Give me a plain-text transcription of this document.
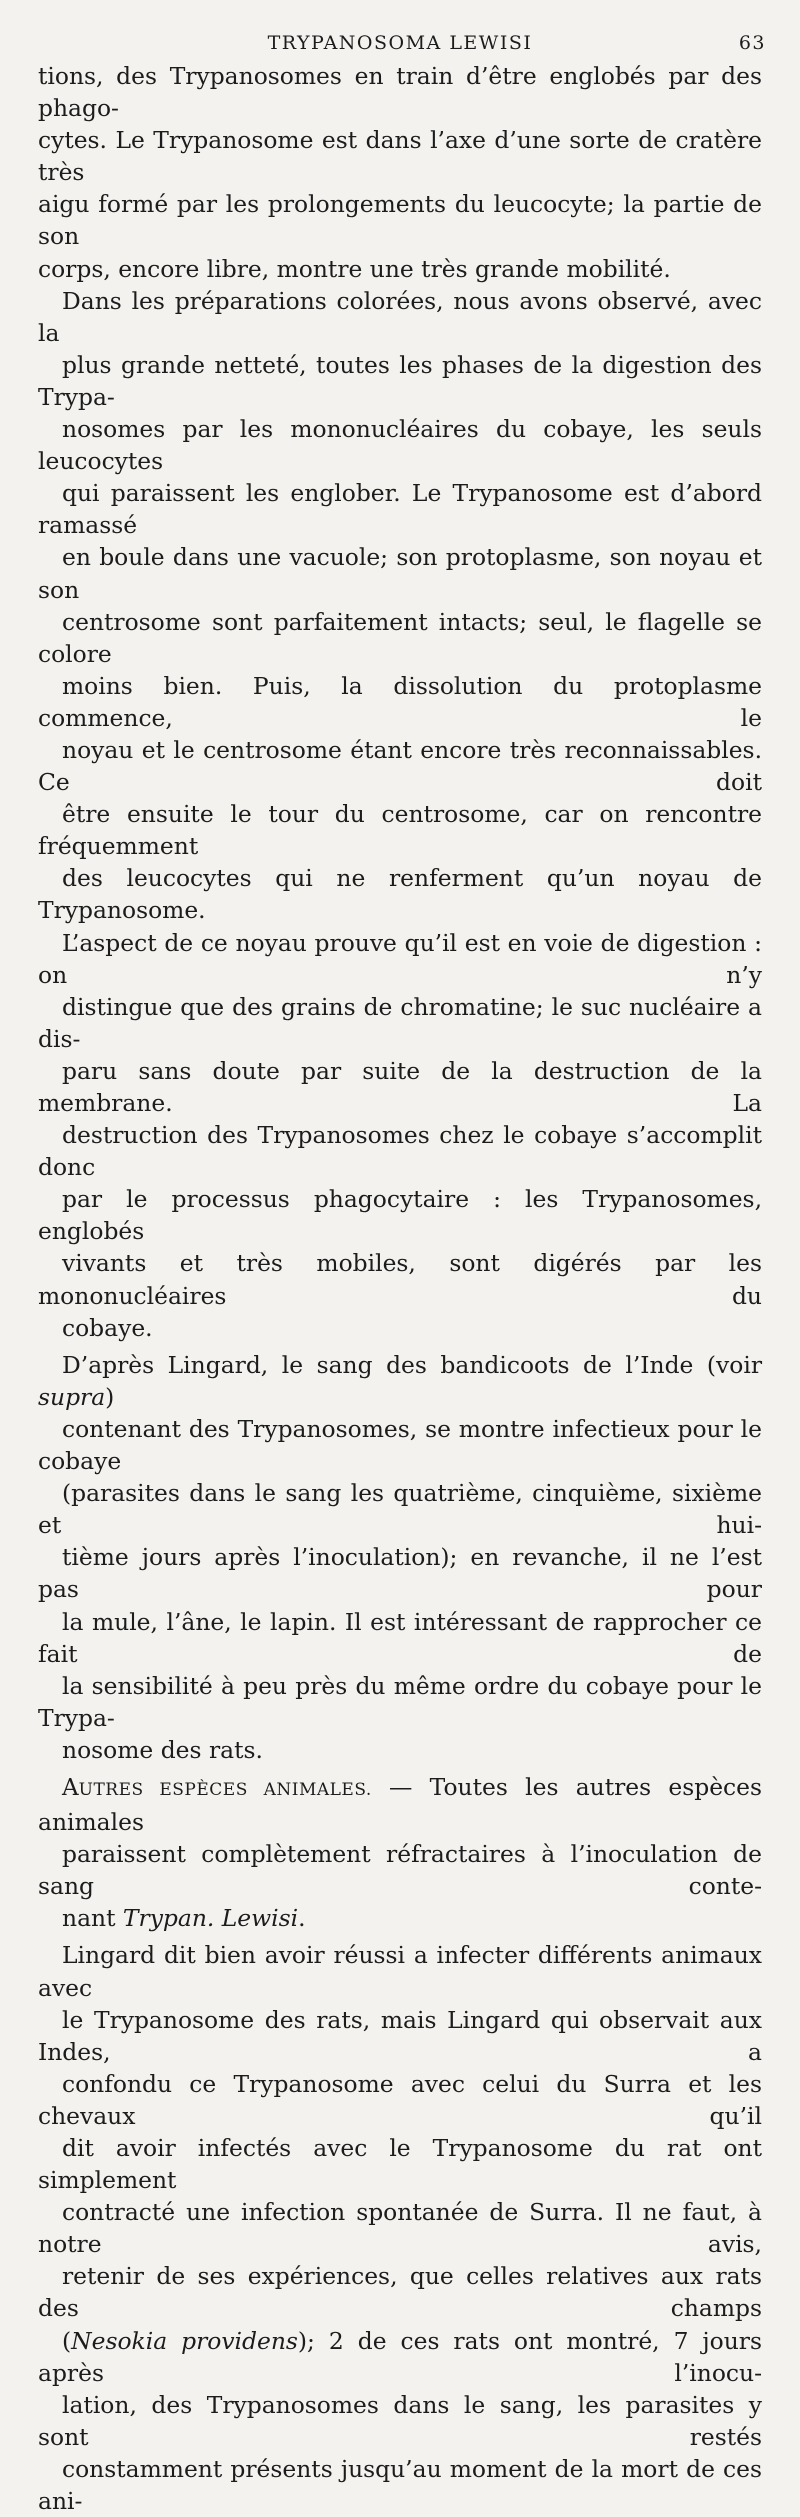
TRYPANOSOMA LEWISI	63

tions, des Trypanosomes en train d’être englobés par des phago-
cytes. Le Trypanosome est dans l’axe d’une sorte de cratère très
aigu formé par les prolongements du leucocyte; la partie de son
corps, encore libre, montre une très grande mobilité.

Dans les préparations colorées, nous avons observé, avec la
plus grande netteté, toutes les phases de la digestion des Trypa-
nosomes par les mononucléaires du cobaye, les seuls leucocytes
qui paraissent les englober. Le Trypanosome est d’abord ramassé
en boule dans une vacuole; son protoplasme, son noyau et son
centrosome sont parfaitement intacts; seul, le flagelle se colore
moins bien. Puis, la dissolution du protoplasme commence, le
noyau et le centrosome étant encore très reconnaissables. Ce doit
être ensuite le tour du centrosome, car on rencontre fréquemment
des leucocytes qui ne renferment qu’un noyau de Trypanosome.
L’aspect de ce noyau prouve qu’il est en voie de digestion : on n’y
distingue que des grains de chromatine; le suc nucléaire a dis-
paru sans doute par suite de la destruction de la membrane. La
destruction des Trypanosomes chez le cobaye s’accomplit donc
par le processus phagocytaire : les Trypanosomes, englobés
vivants et très mobiles, sont digérés par les mononucléaires du
cobaye.

D’après Lingard, le sang des bandicoots de l’Inde (voir supra)
contenant des Trypanosomes, se montre infectieux pour le cobaye
(parasites dans le sang les quatrième, cinquième, sixième et hui-
tième jours après l’inoculation); en revanche, il ne l’est pas pour
la mule, l’âne, le lapin. Il est intéressant de rapprocher ce fait de
la sensibilité à peu près du même ordre du cobaye pour le Trypa-
nosome des rats.

AUTRES ESPÈCES ANIMALES. — Toutes les autres espèces animales
paraissent complètement réfractaires à l’inoculation de sang conte-
nant Trypan. Lewisi.

Lingard dit bien avoir réussi a infecter différents animaux avec
le Trypanosome des rats, mais Lingard qui observait aux Indes, a
confondu ce Trypanosome avec celui du Surra et les chevaux qu’il
dit avoir infectés avec le Trypanosome du rat ont simplement
contracté une infection spontanée de Surra. Il ne faut, à notre avis,
retenir de ses expériences, que celles relatives aux rats des champs
(Nesokia providens); 2 de ces rats ont montré, 7 jours après l’inocu-
lation, des Trypanosomes dans le sang, les parasites y sont restés
constamment présents jusqu’au moment de la mort de ces ani-
